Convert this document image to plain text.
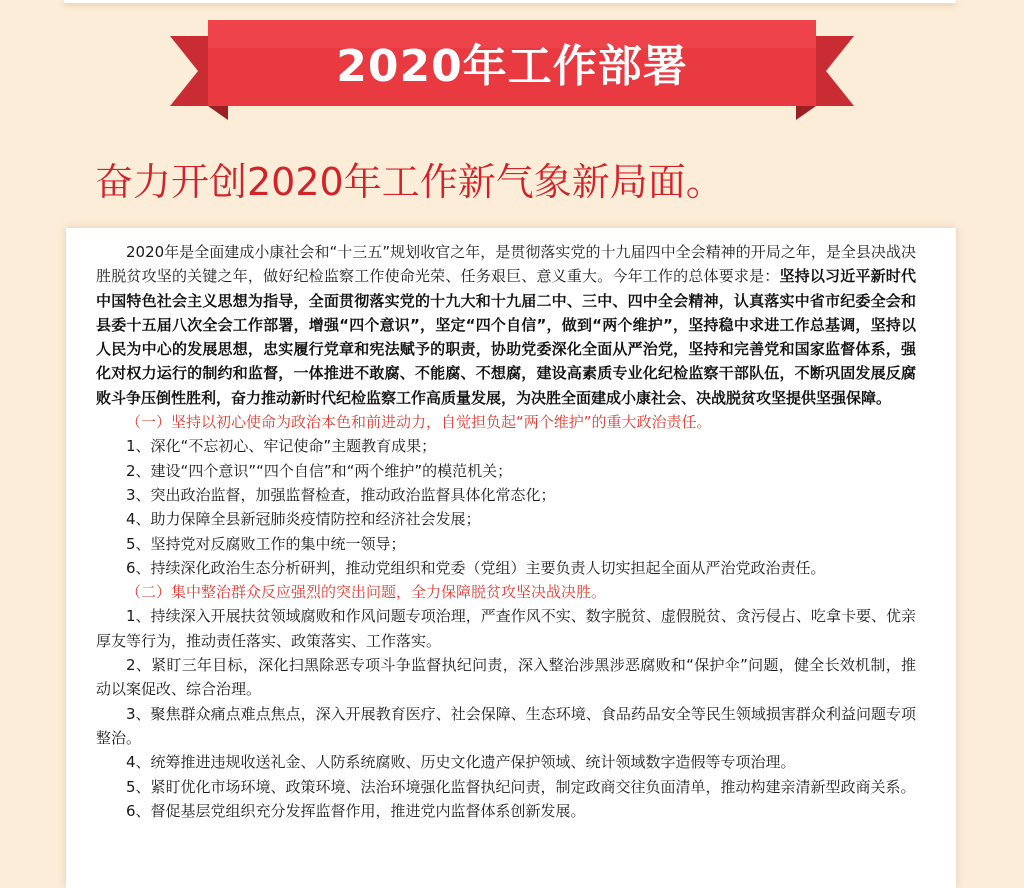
2020年工作部署
奋力开创2020年工作新气象新局面。

2020年是全面建成小康社会和“十三五”规划收官之年，是贯彻落实党的十九届四中全会精神的开局之年，是全县决战决胜脱贫攻坚的关键之年，做好纪检监察工作使命光荣、任务艰巨、意义重大。今年工作的总体要求是：坚持以习近平新时代中国特色社会主义思想为指导，全面贯彻落实党的十九大和十九届二中、三中、四中全会精神，认真落实中省市纪委全会和县委十五届八次全会工作部署，增强“四个意识”，坚定“四个自信”，做到“两个维护”，坚持稳中求进工作总基调，坚持以人民为中心的发展思想，忠实履行党章和宪法赋予的职责，协助党委深化全面从严治党，坚持和完善党和国家监督体系，强化对权力运行的制约和监督，一体推进不敢腐、不能腐、不想腐，建设高素质专业化纪检监察干部队伍，不断巩固发展反腐败斗争压倒性胜利，奋力推动新时代纪检监察工作高质量发展，为决胜全面建成小康社会、决战脱贫攻坚提供坚强保障。

（一）坚持以初心使命为政治本色和前进动力，自觉担负起“两个维护”的重大政治责任。

1、深化“不忘初心、牢记使命”主题教育成果；

2、建设“四个意识”“四个自信”和“两个维护”的模范机关；

3、突出政治监督，加强监督检查，推动政治监督具体化常态化；

4、助力保障全县新冠肺炎疫情防控和经济社会发展；

5、坚持党对反腐败工作的集中统一领导；

6、持续深化政治生态分析研判，推动党组织和党委（党组）主要负责人切实担起全面从严治党政治责任。

（二）集中整治群众反应强烈的突出问题，全力保障脱贫攻坚决战决胜。

1、持续深入开展扶贫领域腐败和作风问题专项治理，严查作风不实、数字脱贫、虚假脱贫、贪污侵占、吃拿卡要、优亲厚友等行为，推动责任落实、政策落实、工作落实。

2、紧盯三年目标，深化扫黑除恶专项斗争监督执纪问责，深入整治涉黑涉恶腐败和“保护伞”问题，健全长效机制，推动以案促改、综合治理。

3、聚焦群众痛点难点焦点，深入开展教育医疗、社会保障、生态环境、食品药品安全等民生领域损害群众利益问题专项整治。

4、统筹推进违规收送礼金、人防系统腐败、历史文化遗产保护领域、统计领域数字造假等专项治理。

5、紧盯优化市场环境、政策环境、法治环境强化监督执纪问责，制定政商交往负面清单，推动构建亲清新型政商关系。

6、督促基层党组织充分发挥监督作用，推进党内监督体系创新发展。
